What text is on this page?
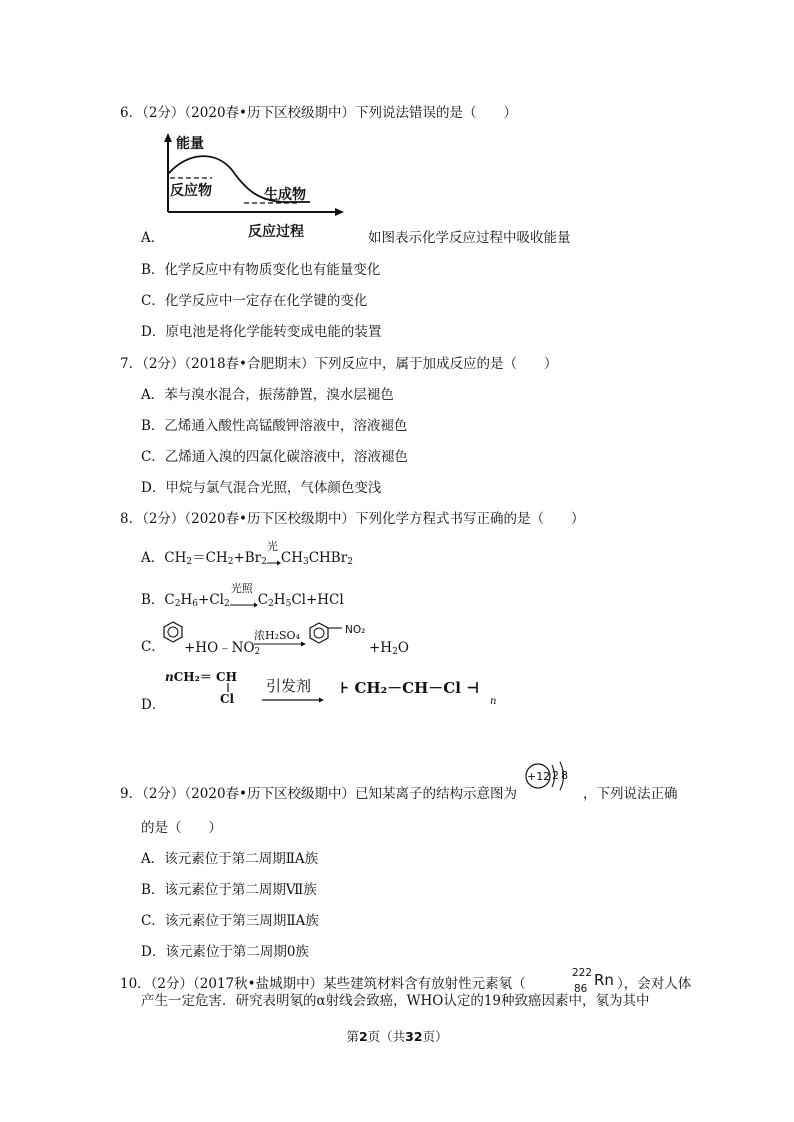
6．（2分）（2020春•历下区校级期中）下列说法错误的是（　　）
能量
反应物	生成物
反应过程
A．	如图表示化学反应过程中吸收能量
B．化学反应中有物质变化也有能量变化
C．化学反应中一定存在化学键的变化
D．原电池是将化学能转变成电能的装置
7．（2分）（2018春•合肥期末）下列反应中，属于加成反应的是（　　）
A．苯与溴水混合，振荡静置，溴水层褪色
B．乙烯通入酸性高锰酸钾溶液中，溶液褪色
C．乙烯通入溴的四氯化碳溶液中，溶液褪色
D．甲烷与氯气混合光照，气体颜色变浅
8．（2分）（2020春•历下区校级期中）下列化学方程式书写正确的是（　　）
A．$CH_2=CH_2+Br_2$
光
$CH_3CHBr_2$
B．$C_2H_6+Cl_2$
光照
$C_2H_5Cl+HCl$
C． $+HO﹣NO_2$
浓H₂SO₄	NO₂
$+H_2O$
D．
nCH₂＝ CH
Cl
引发剂 ⊦ CH₂－CH－Cl ⊣
n
9．（2分）（2020春•历下区校级期中）已知某离子的结构示意图为
+12 2 8
，下列说法正确
的是（　　）
A．该元素位于第二周期ⅡA族
B．该元素位于第二周期Ⅶ族
C．该元素位于第三周期ⅡA族
D．该元素位于第二周期0族
10．（2分）（2017秋•盐城期中）某些建筑材料含有放射性元素氡（
222
86 Rn ），会对人体
产生一定危害．研究表明氡的α射线会致癌，WHO认定的19种致癌因素中，氡为其中
第2页（共32页）
